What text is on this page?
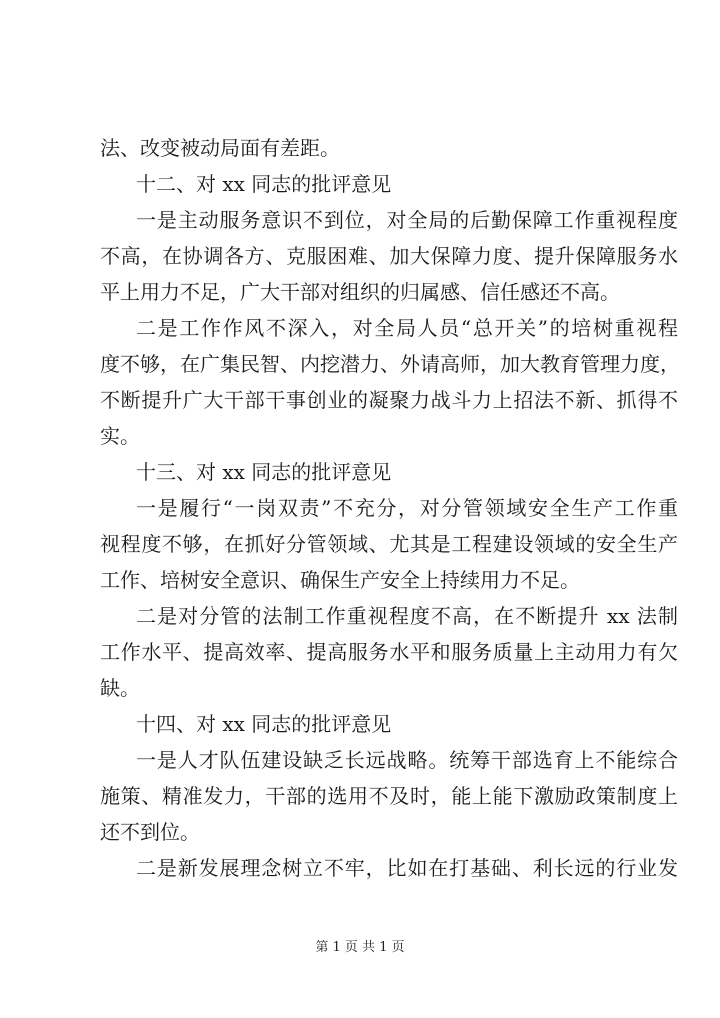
法、改变被动局面有差距。
十二、对 xx 同志的批评意见
一是主动服务意识不到位，对全局的后勤保障工作重视程度
不高，在协调各方、克服困难、加大保障力度、提升保障服务水
平上用力不足，广大干部对组织的归属感、信任感还不高。
二是工作作风不深入，对全局人员“总开关”的培树重视程
度不够，在广集民智、内挖潜力、外请高师，加大教育管理力度，
不断提升广大干部干事创业的凝聚力战斗力上招法不新、抓得不
实。
十三、对 xx 同志的批评意见
一是履行“一岗双责”不充分，对分管领域安全生产工作重
视程度不够，在抓好分管领域、尤其是工程建设领域的安全生产
工作、培树安全意识、确保生产安全上持续用力不足。
二是对分管的法制工作重视程度不高，在不断提升 xx 法制
工作水平、提高效率、提高服务水平和服务质量上主动用力有欠
缺。
十四、对 xx 同志的批评意见
一是人才队伍建设缺乏长远战略。统筹干部选育上不能综合
施策、精准发力，干部的选用不及时，能上能下激励政策制度上
还不到位。
二是新发展理念树立不牢，比如在打基础、利长远的行业发
第 1 页 共 1 页
